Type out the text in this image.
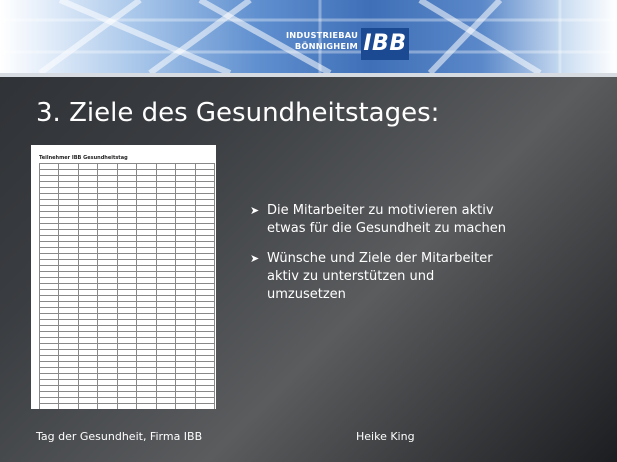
INDUSTRIEBAU
BÖNNIGHEIM IBB
3. Ziele des Gesundheitstages:
Teilnehmer IBB Gesundheitstag

➤ Die Mitarbeiter zu motivieren aktiv
etwas für die Gesundheit zu machen
➤ Wünsche und Ziele der Mitarbeiter
aktiv zu unterstützen und
umzusetzen
Tag der Gesundheit, Firma IBB	Heike King
